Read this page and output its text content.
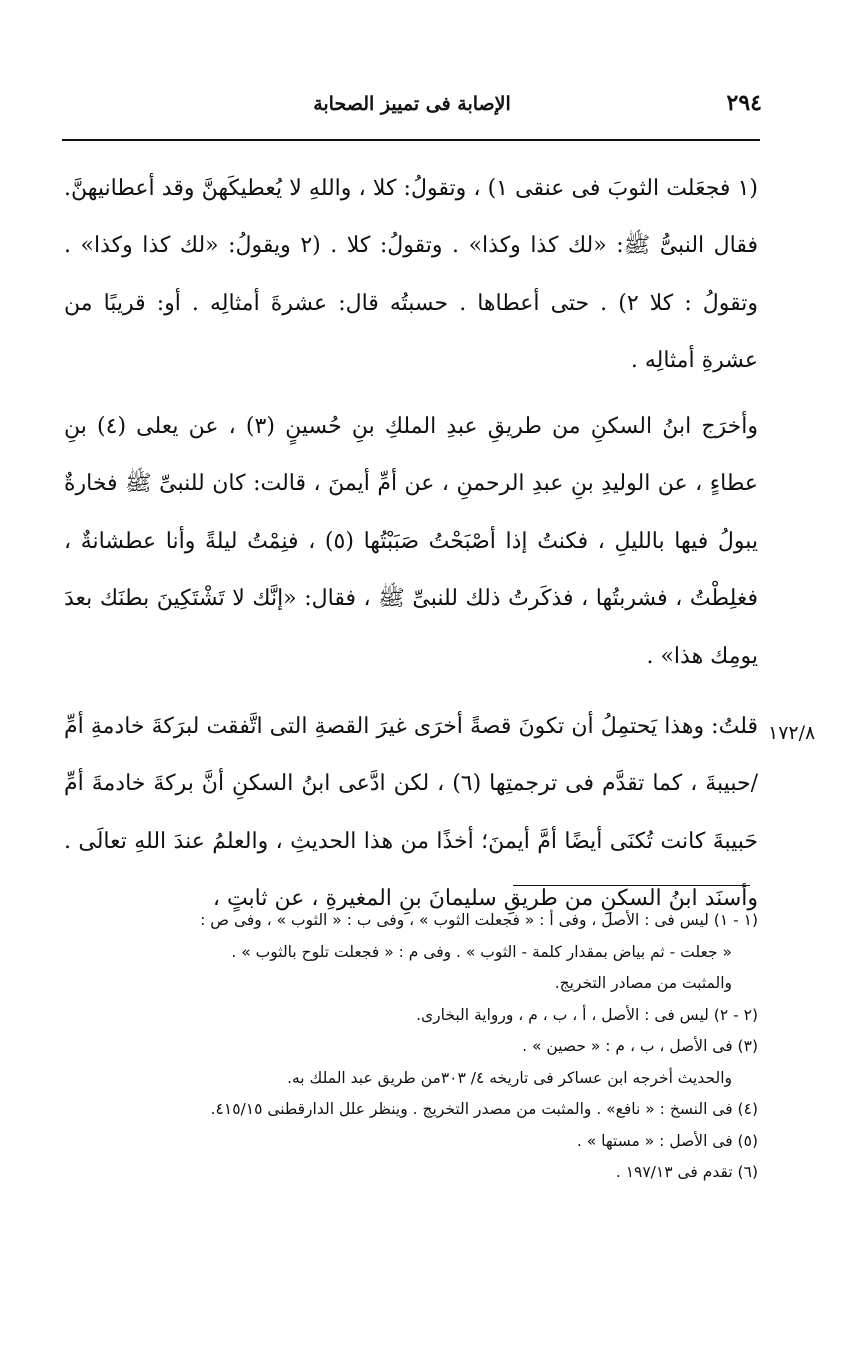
٢٩٤
الإصابة فى تمييز الصحابة

(١ فجعَلت الثوبَ فى عنقى ١) ، وتقولُ: كلا ، واللهِ لا يُعطيكَهنَّ وقد أعطانيهنَّ. فقال النبىُّ ﷺ: «لك كذا وكذا» . وتقولُ: كلا . (٢ ويقولُ: «لك كذا وكذا» . وتقولُ : كلا ٢) . حتى أعطاها . حسبتُه قال: عشرةَ أمثالِه . أو: قريبًا من عشرةِ أمثالِه .

وأخرَج ابنُ السكنِ من طريقِ عبدِ الملكِ بنِ حُسينٍ (٣) ، عن يعلى (٤) بنِ عطاءٍ ، عن الوليدِ بنِ عبدِ الرحمنِ ، عن أمِّ أيمنَ ، قالت: كان للنبىِّ ﷺ فخارةٌ يبولُ فيها بالليلِ ، فكنتُ إذا أصْبَحْتُ صَبَبْتُها (٥) ، فنِمْتُ ليلةً وأنا عطشانةٌ ، فغلِطْتُ ، فشربتُها ، فذكَرتُ ذلك للنبىِّ ﷺ ، فقال: «إنَّك لا تَشْتَكِينَ بطنَك بعدَ يومِك هذا» .

قلتُ: وهذا يَحتمِلُ أن تكونَ قصةً أخرَى غيرَ القصةِ التى اتَّفقت لبرَكةَ خادمةِ أمِّ /حبيبةَ ، كما تقدَّم فى ترجمتِها (٦) ، لكن ادَّعى ابنُ السكنِ أنَّ بركةَ خادمةَ أمِّ حَبيبةَ كانت تُكنَى أيضًا أمَّ أيمنَ؛ أخذًا من هذا الحديثِ ، والعلمُ عندَ اللهِ تعالَى . وأسنَد ابنُ السكنِ من طريقِ سليمانَ بنِ المغيرةِ ، عن ثابتٍ ،

١٧٢/٨

(١ - ١) ليس فى : الأصل ، وفى أ : « فجعلت الثوب » ، وفى ب : « الثوب » ، وفى ص :

« جعلت - ثم بياض بمقدار كلمة - الثوب » . وفى م : « فجعلت تلوح بالثوب » .

والمثبت من مصادر التخريج.

(٢ - ٢) ليس فى : الأصل ، أ ، ب ، م ، ورواية البخارى.

(٣) فى الأصل ، ب ، م : « حصين » .

والحديث أخرجه ابن عساكر فى تاريخه ٤/ ٣٠٣من طريق عبد الملك به.

(٤) فى النسخ : « نافع» . والمثبت من مصدر التخريج . وينظر علل الدارقطنى ٤١٥/١٥.

(٥) فى الأصل : « مستها » .

(٦) تقدم فى ١٩٧/١٣ .
